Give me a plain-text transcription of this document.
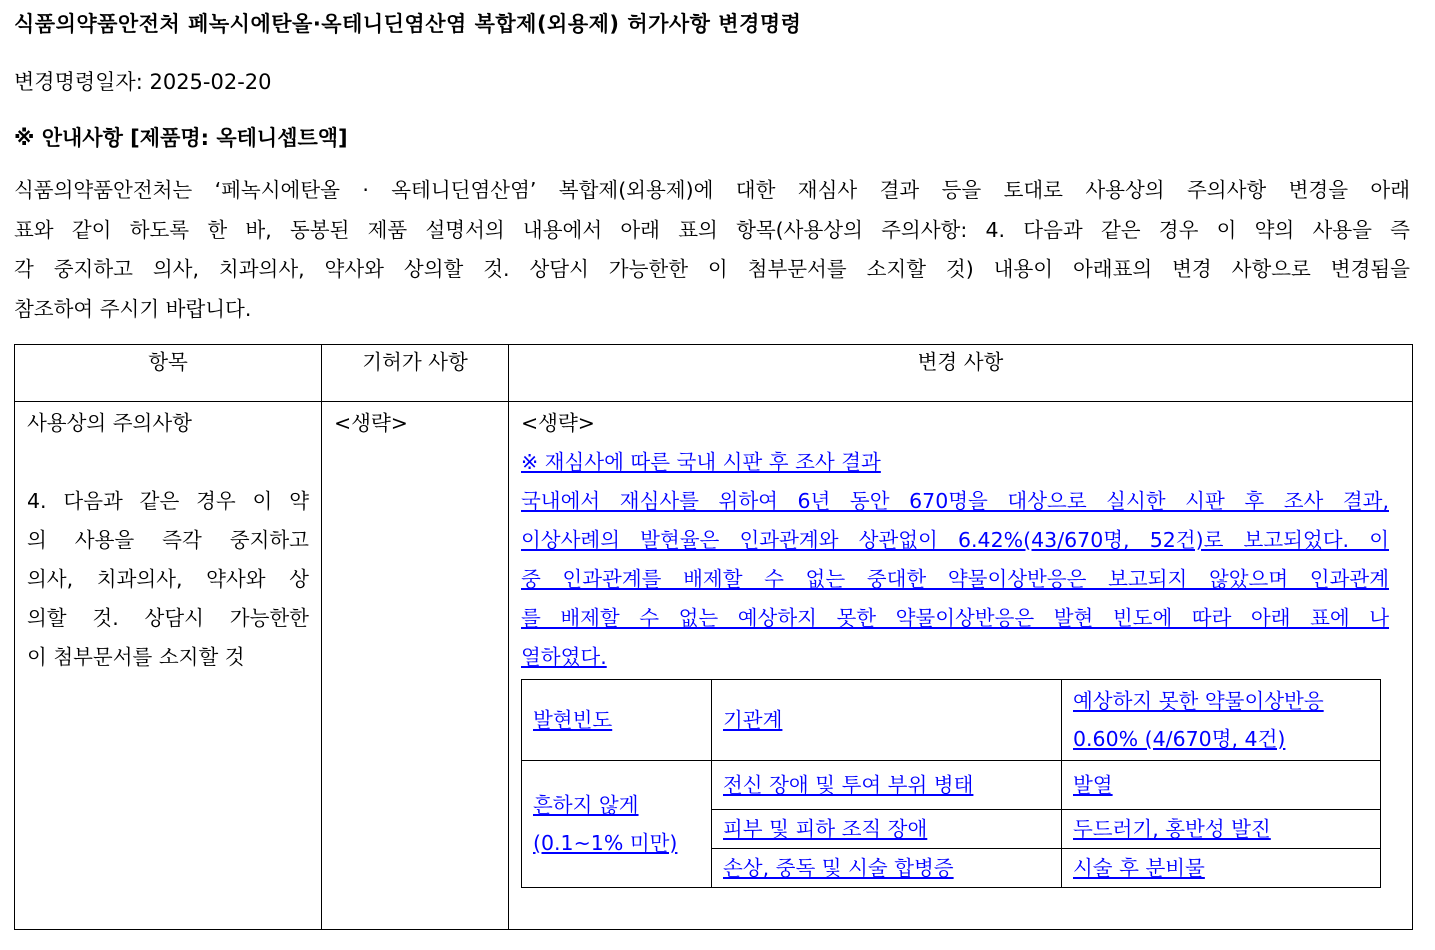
식품의약품안전처 페녹시에탄올·옥테니딘염산염 복합제(외용제) 허가사항 변경명령
변경명령일자: 2025-02-20
※ 안내사항 [제품명: 옥테니셉트액]
식품의약품안전처는 ‘페녹시에탄올 · 옥테니딘염산염’ 복합제(외용제)에 대한 재심사 결과 등을 토대로 사용상의 주의사항 변경을 아래
표와 같이 하도록 한 바, 동봉된 제품 설명서의 내용에서 아래 표의 항목(사용상의 주의사항: 4. 다음과 같은 경우 이 약의 사용을 즉
각 중지하고 의사, 치과의사, 약사와 상의할 것. 상담시 가능한한 이 첨부문서를 소지할 것) 내용이 아래표의 변경 사항으로 변경됨을
참조하여 주시기 바랍니다.
항목	기허가 사항	변경 사항

사용상의 주의사항
4. 다음과 같은 경우 이 약
의 사용을 즉각 중지하고
의사, 치과의사, 약사와 상
의할 것. 상담시 가능한한
이 첨부문서를 소지할 것

<생략>	<생략>
※ 재심사에 따른 국내 시판 후 조사 결과
국내에서 재심사를 위하여 6년 동안 670명을 대상으로 실시한 시판 후 조사 결과,
이상사례의 발현율은 인과관계와 상관없이 6.42%(43/670명, 52건)로 보고되었다. 이
중 인과관계를 배제할 수 없는 중대한 약물이상반응은 보고되지 않았으며 인과관계
를 배제할 수 없는 예상하지 못한 약물이상반응은 발현 빈도에 따라 아래 표에 나
열하였다.
발현빈도	기관계	예상하지 못한 약물이상반응
0.60% (4/670명, 4건)
흔하지 않게
(0.1~1% 미만)	전신 장애 및 투여 부위 병태	발열
피부 및 피하 조직 장애	두드러기, 홍반성 발진
손상, 중독 및 시술 합병증	시술 후 분비물
